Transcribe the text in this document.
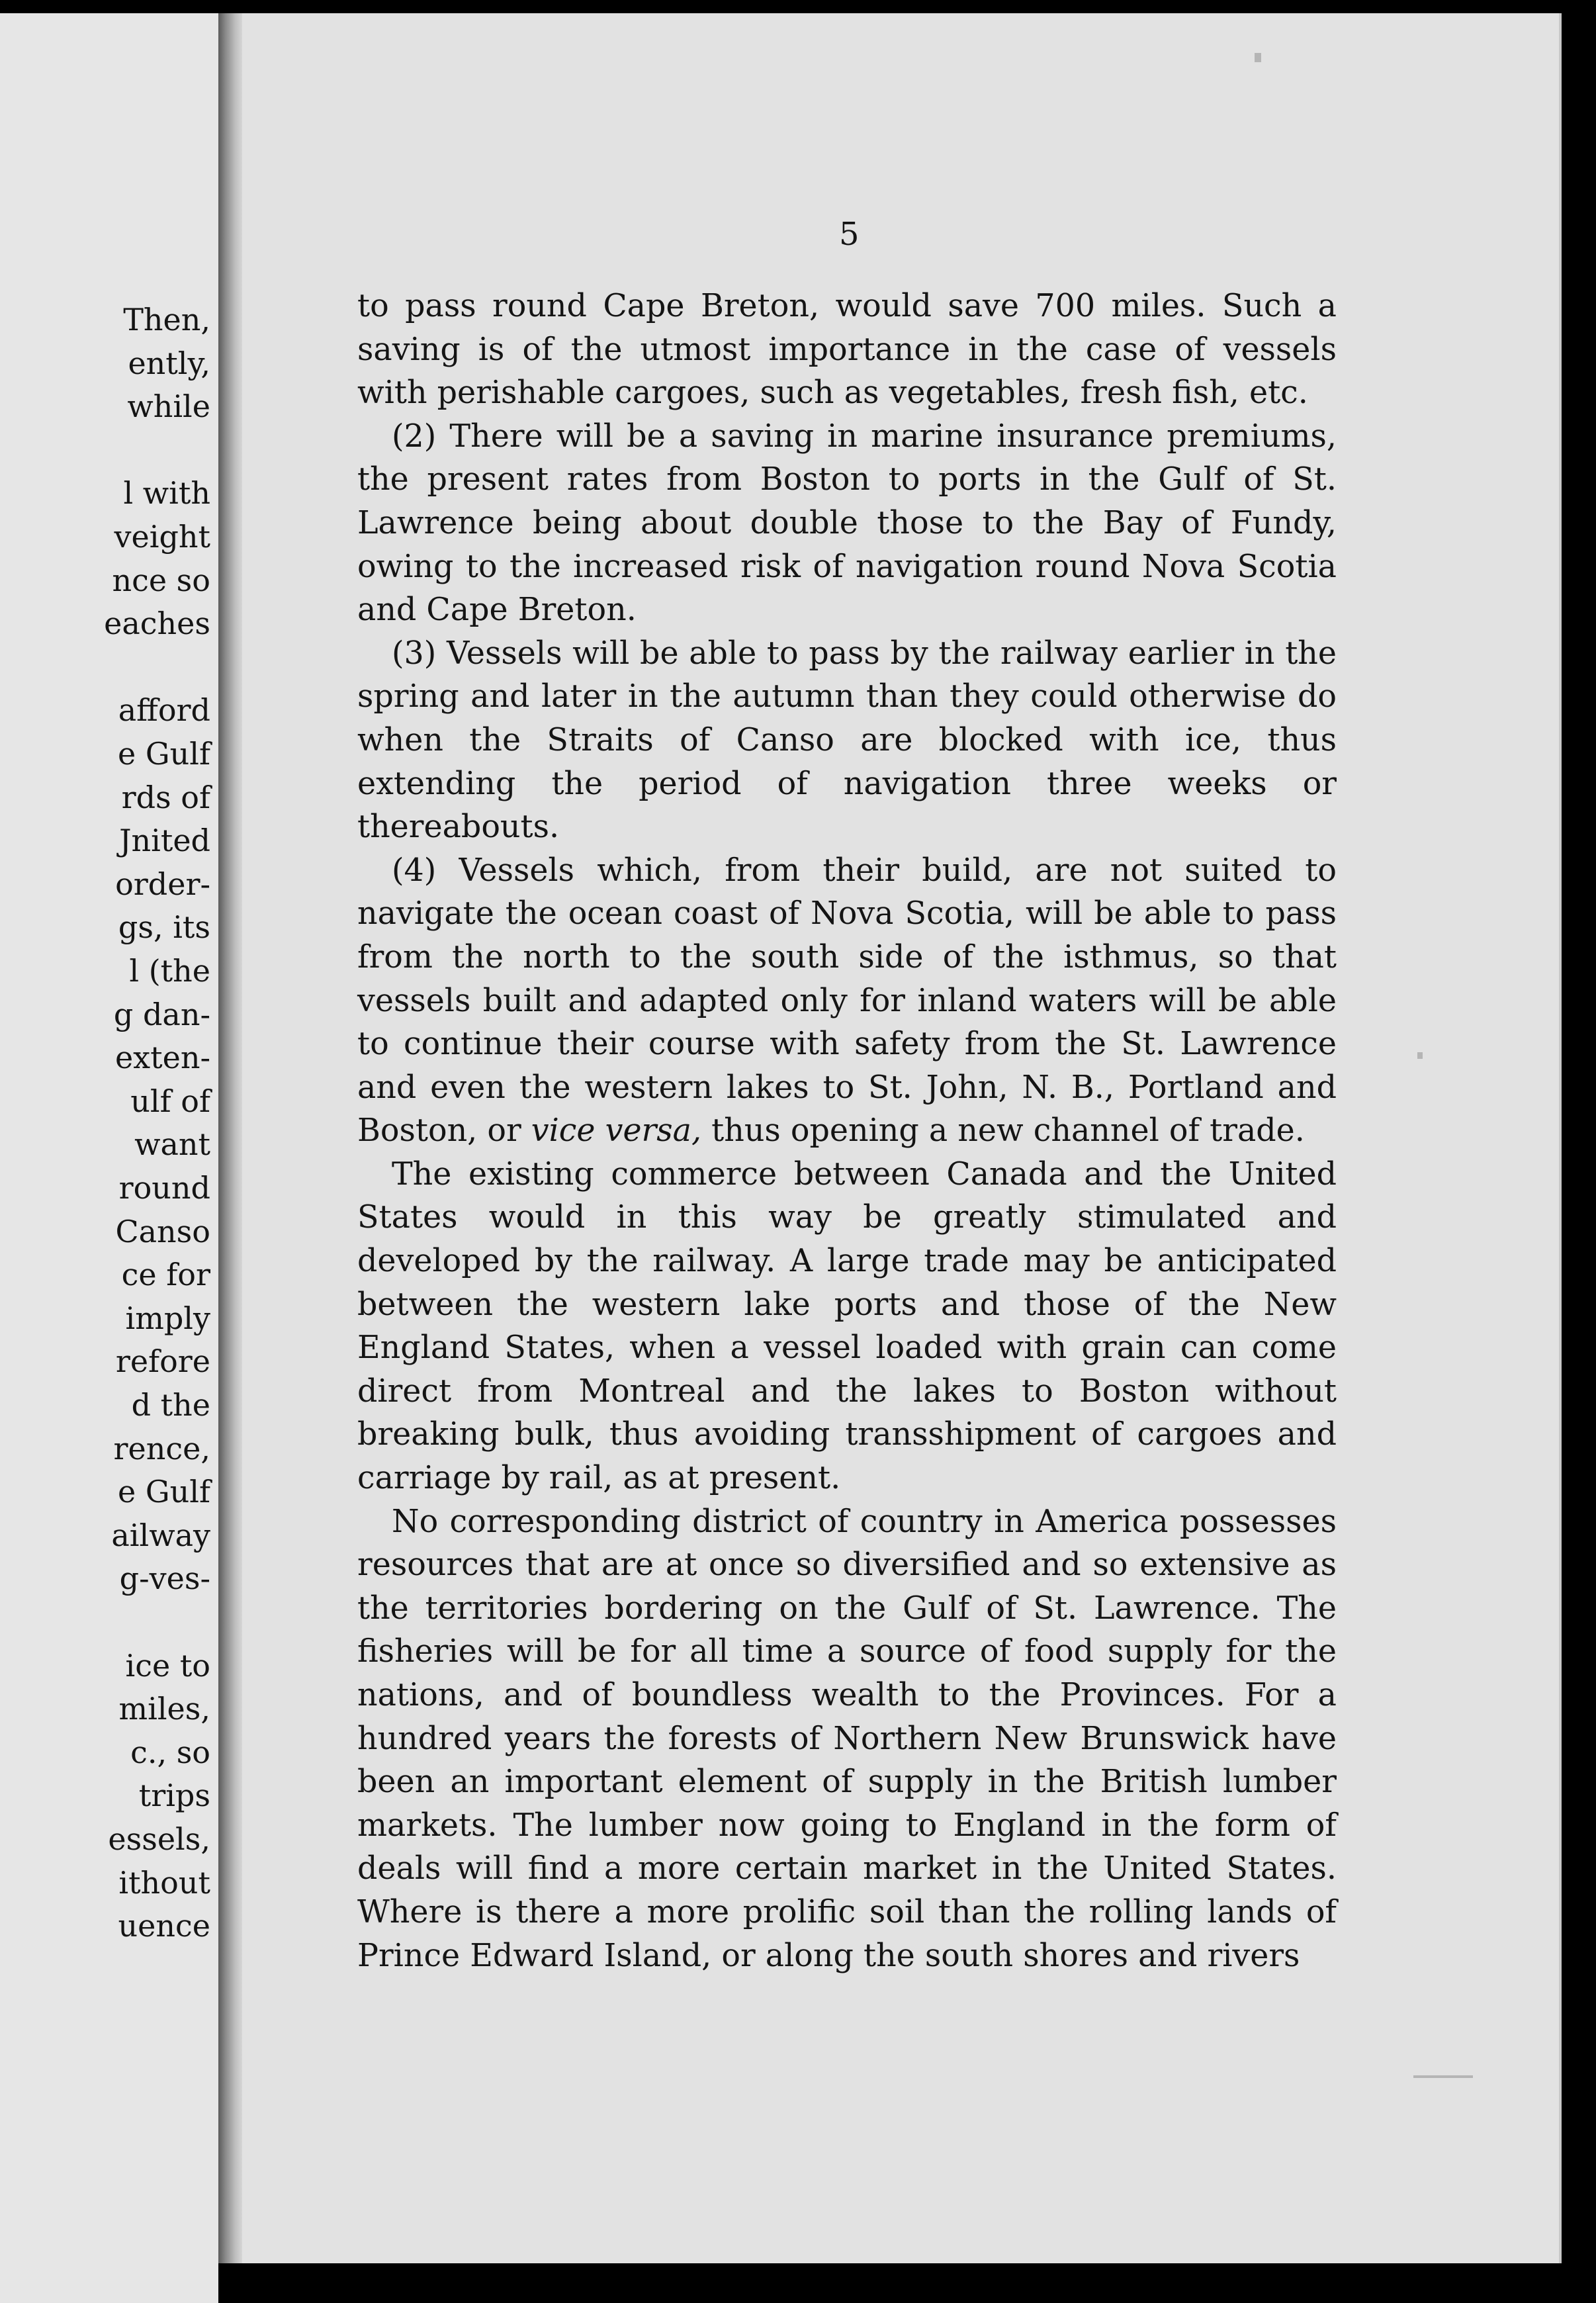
Then,
ently,
while
l with
veight
nce so
eaches
afford
e Gulf
rds of
Jnited
order-
gs, its
l (the
g dan-
exten-
ulf of
want
round
Canso
ce for
imply
refore
d the
rence,
e Gulf
ailway
g-ves-
ice to
miles,
c., so
trips
essels,
ithout
uence
5

to pass round Cape Breton, would save 700 miles. Such a saving is of the utmost importance in the case of vessels with perishable cargoes, such as vegetables, fresh fish, etc.

(2) There will be a saving in marine insurance premiums, the present rates from Boston to ports in the Gulf of St. Lawrence being about double those to the Bay of Fundy, owing to the increased risk of navigation round Nova Scotia and Cape Breton.

(3) Vessels will be able to pass by the railway earlier in the spring and later in the autumn than they could otherwise do when the Straits of Canso are blocked with ice, thus extending the period of navigation three weeks or thereabouts.

(4) Vessels which, from their build, are not suited to navigate the ocean coast of Nova Scotia, will be able to pass from the north to the south side of the isthmus, so that vessels built and adapted only for inland waters will be able to continue their course with safety from the St. Lawrence and even the western lakes to St. John, N. B., Portland and Boston, or vice versa, thus opening a new channel of trade.

The existing commerce between Canada and the United States would in this way be greatly stimulated and developed by the railway. A large trade may be anticipated between the western lake ports and those of the New England States, when a vessel loaded with grain can come direct from Montreal and the lakes to Boston without breaking bulk, thus avoiding transshipment of cargoes and carriage by rail, as at present.

No corresponding district of country in America possesses resources that are at once so diversified and so extensive as the territories bordering on the Gulf of St. Lawrence. The fisheries will be for all time a source of food supply for the nations, and of boundless wealth to the Provinces. For a hundred years the forests of Northern New Brunswick have been an important element of supply in the British lumber markets. The lumber now going to England in the form of deals will find a more certain market in the United States. Where is there a more prolific soil than the rolling lands of Prince Edward Island, or along the south shores and rivers
